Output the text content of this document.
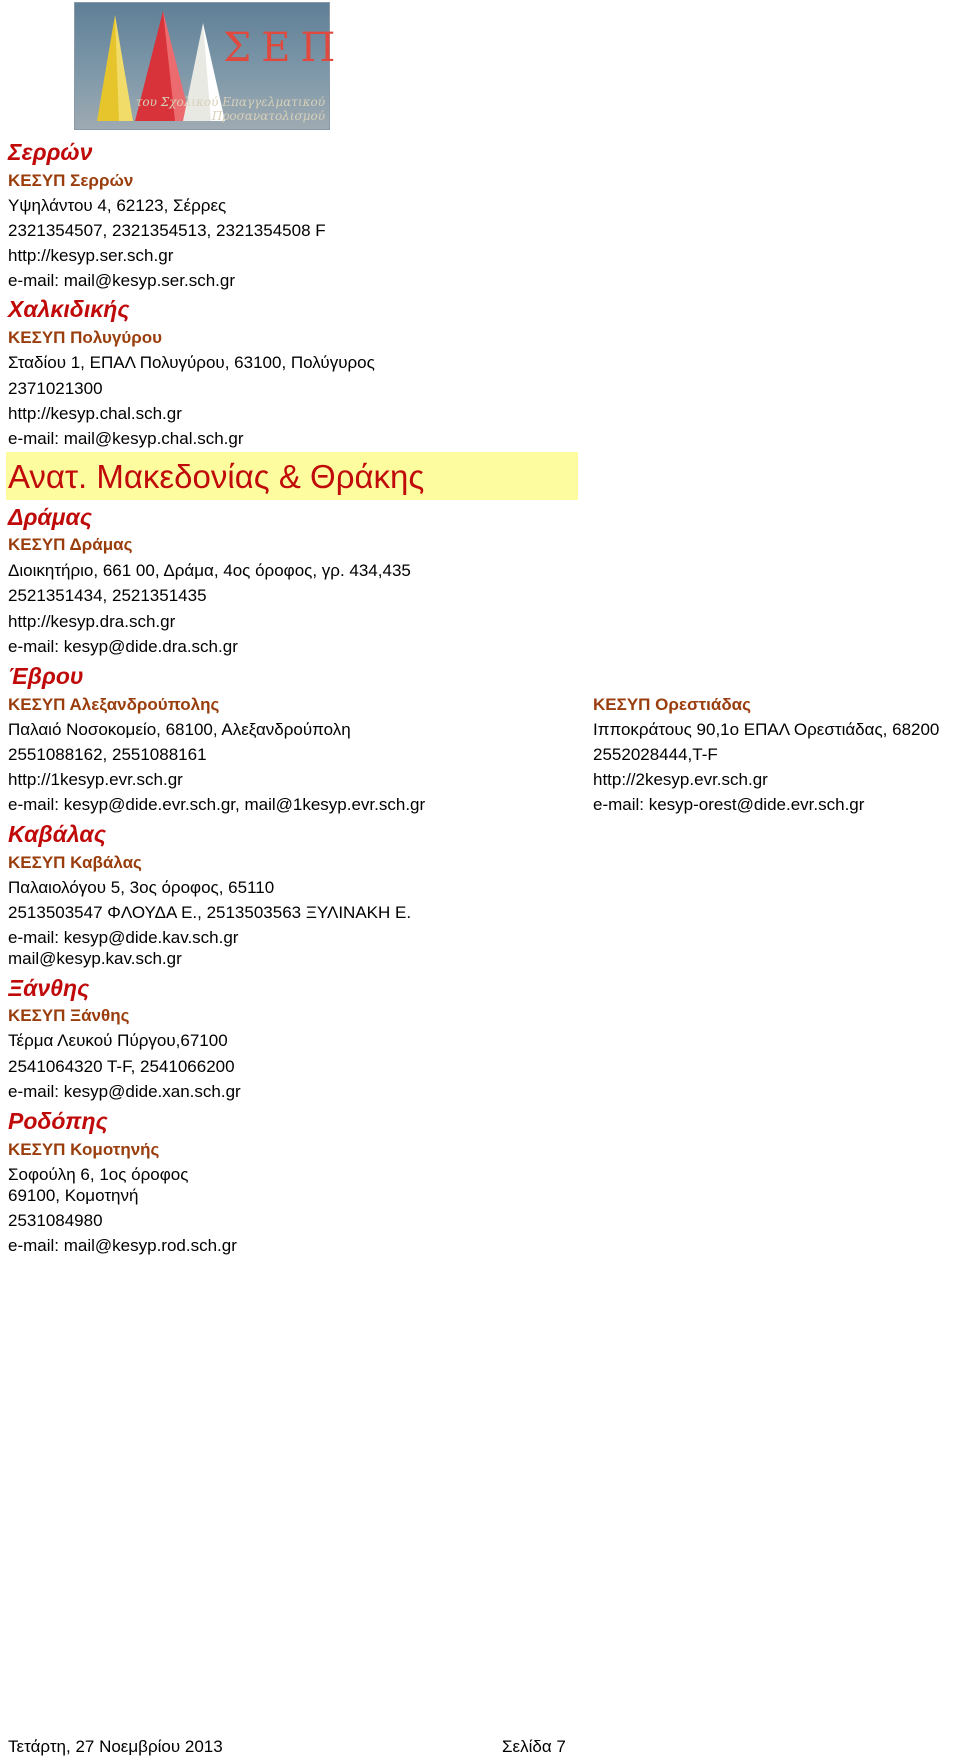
ΣΕΠ
του Σχολικού Επαγγελματικού Προσανατολισμού
Σερρών
ΚΕΣΥΠ Σερρών
Υψηλάντου 4, 62123, Σέρρες
2321354507, 2321354513, 2321354508 F
http://kesyp.ser.sch.gr
e-mail: mail@kesyp.ser.sch.gr
Χαλκιδικής
ΚΕΣΥΠ Πολυγύρου
Σταδίου 1, ΕΠΑΛ Πολυγύρου, 63100, Πολύγυρος
2371021300
http://kesyp.chal.sch.gr
e-mail: mail@kesyp.chal.sch.gr
Ανατ. Μακεδονίας & Θράκης
Δράμας
ΚΕΣΥΠ Δράμας
Διοικητήριο, 661 00, Δράμα, 4ος όροφος, γρ. 434,435
2521351434, 2521351435
http://kesyp.dra.sch.gr
e-mail: kesyp@dide.dra.sch.gr
Έβρου
ΚΕΣΥΠ Αλεξανδρούπολης
Παλαιό Νοσοκομείο, 68100, Αλεξανδρούπολη
2551088162, 2551088161
http://1kesyp.evr.sch.gr
e-mail: kesyp@dide.evr.sch.gr, mail@1kesyp.evr.sch.gr
ΚΕΣΥΠ Ορεστιάδας
Ιπποκράτους 90,1ο ΕΠΑΛ Ορεστιάδας, 68200
2552028444,T-F
http://2kesyp.evr.sch.gr
e-mail: kesyp-orest@dide.evr.sch.gr
Καβάλας
ΚΕΣΥΠ Καβάλας
Παλαιολόγου 5, 3ος όροφος, 65110
2513503547 ΦΛΟΥΔΑ Ε., 2513503563 ΞΥΛΙΝΑΚΗ Ε.
e-mail: kesyp@dide.kav.sch.gr
mail@kesyp.kav.sch.gr
Ξάνθης
ΚΕΣΥΠ Ξάνθης
Τέρμα Λευκού Πύργου,67100
2541064320 T-F, 2541066200
e-mail: kesyp@dide.xan.sch.gr
Ροδόπης
ΚΕΣΥΠ Κομοτηνής
Σοφούλη 6, 1ος όροφος
69100, Κομοτηνή
2531084980
e-mail: mail@kesyp.rod.sch.gr
Τετάρτη, 27 Νοεμβρίου 2013	Σελίδα 7
